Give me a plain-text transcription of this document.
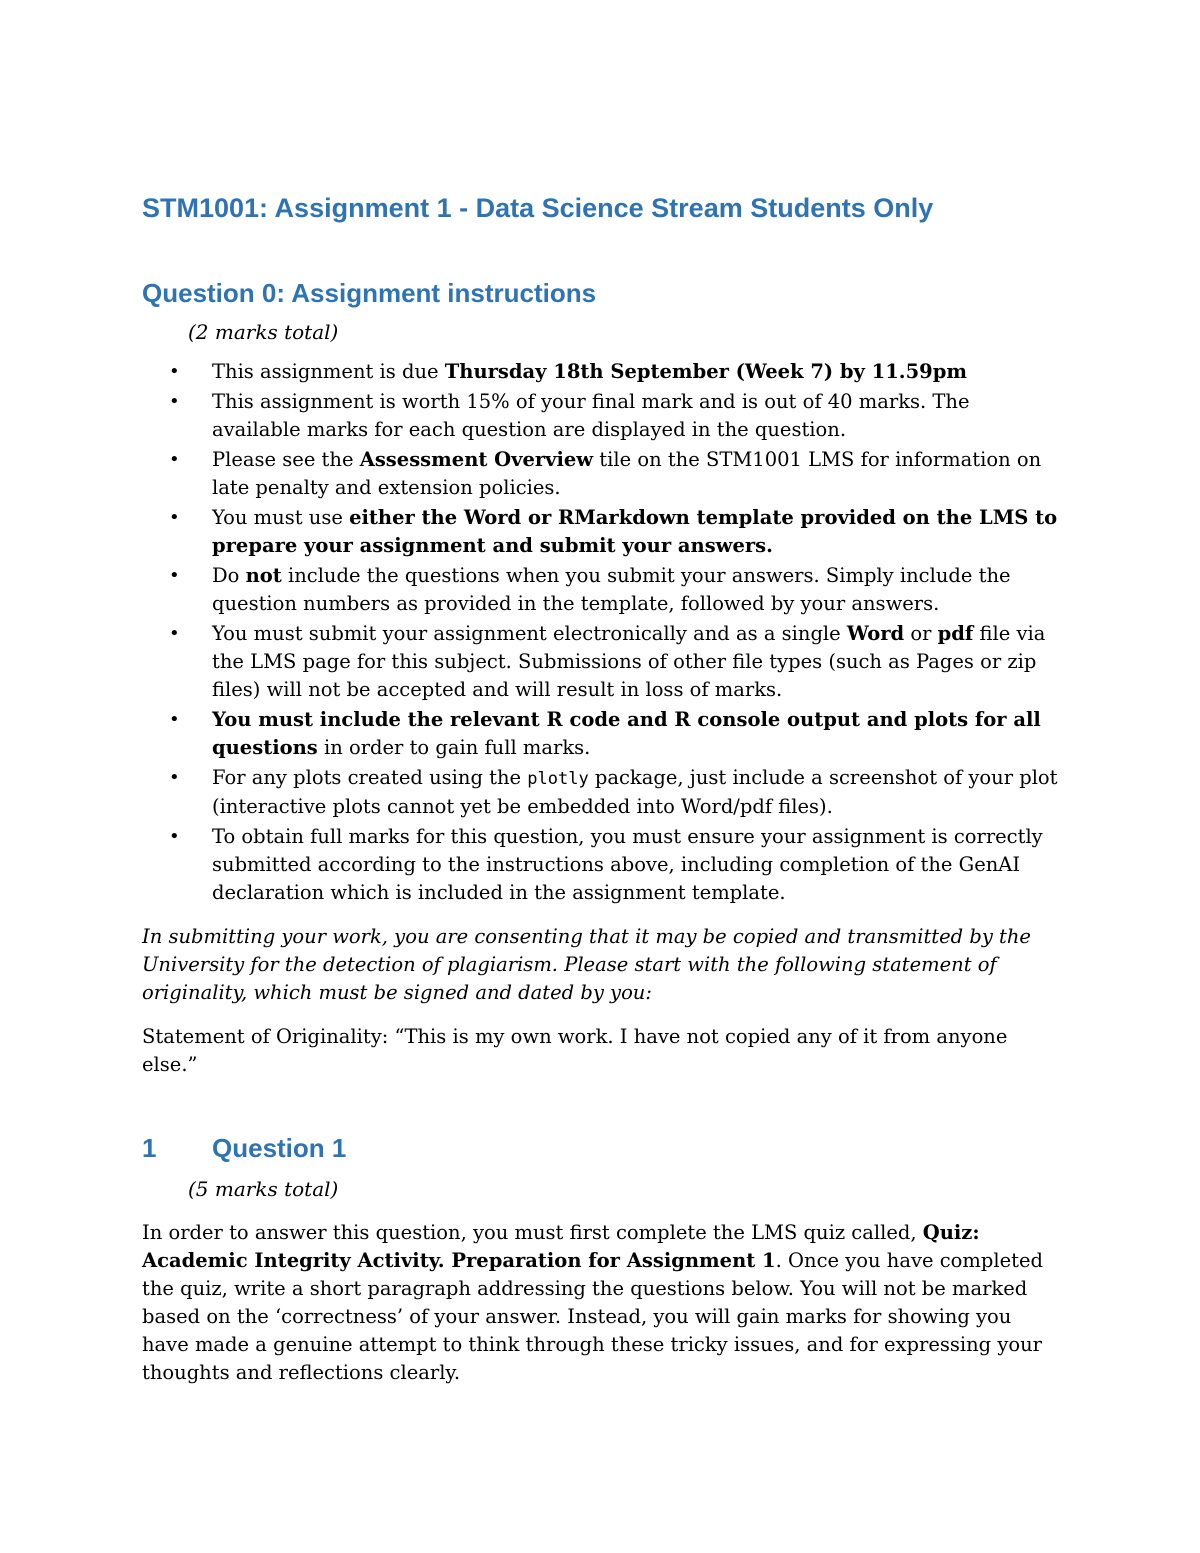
STM1001: Assignment 1 - Data Science Stream Students Only
Question 0: Assignment instructions
(2 marks total)
• This assignment is due Thursday 18th September (Week 7) by 11.59pm
• This assignment is worth 15% of your final mark and is out of 40 marks. The available marks for each question are displayed in the question.
• Please see the Assessment Overview tile on the STM1001 LMS for information on late penalty and extension policies.
• You must use either the Word or RMarkdown template provided on the LMS to prepare your assignment and submit your answers.
• Do not include the questions when you submit your answers. Simply include the question numbers as provided in the template, followed by your answers.
• You must submit your assignment electronically and as a single Word or pdf file via the LMS page for this subject. Submissions of other file types (such as Pages or zip files) will not be accepted and will result in loss of marks.
• You must include the relevant R code and R console output and plots for all questions in order to gain full marks.
• For any plots created using the plotly package, just include a screenshot of your plot (interactive plots cannot yet be embedded into Word/pdf files).
• To obtain full marks for this question, you must ensure your assignment is correctly submitted according to the instructions above, including completion of the GenAI declaration which is included in the assignment template.

In submitting your work, you are consenting that it may be copied and transmitted by the University for the detection of plagiarism. Please start with the following statement of originality, which must be signed and dated by you:

Statement of Originality: “This is my own work. I have not copied any of it from anyone else.”

1	Question 1
(5 marks total)

In order to answer this question, you must first complete the LMS quiz called, Quiz: Academic Integrity Activity. Preparation for Assignment 1. Once you have completed the quiz, write a short paragraph addressing the questions below. You will not be marked based on the ‘correctness’ of your answer. Instead, you will gain marks for showing you have made a genuine attempt to think through these tricky issues, and for expressing your thoughts and reflections clearly.
